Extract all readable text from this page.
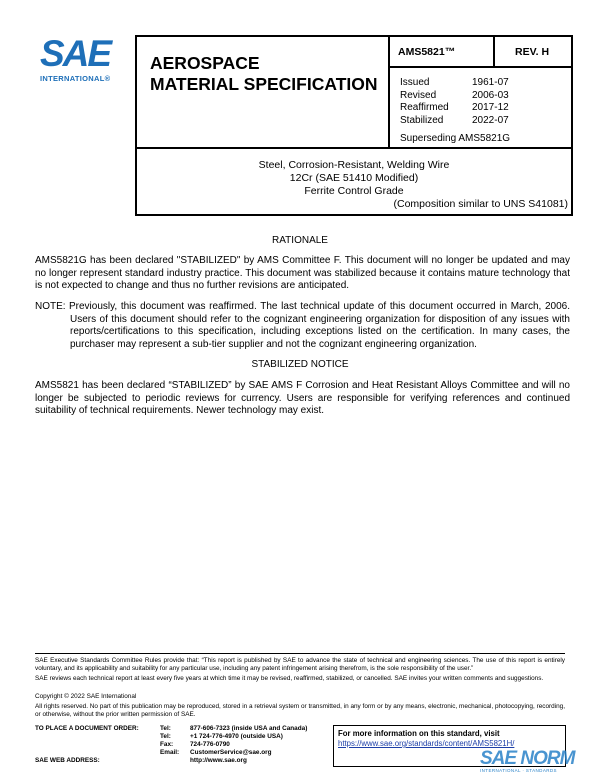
SAE
INTERNATIONAL®
AEROSPACE
MATERIAL SPECIFICATION
AMS5821™	REV. H
Issued	1961-07
Revised	2006-03
Reaffirmed	2017-12
Stabilized	2022-07
Superseding AMS5821G
Steel, Corrosion-Resistant, Welding Wire
12Cr (SAE 51410 Modified)
Ferrite Control Grade
(Composition similar to UNS S41081)
RATIONALE
AMS5821G has been declared "STABILIZED" by AMS Committee F. This document will no longer be updated and may no longer represent standard industry practice. This document was stabilized because it contains mature technology that is not expected to change and thus no further revisions are anticipated.
NOTE: Previously, this document was reaffirmed. The last technical update of this document occurred in March, 2006. Users of this document should refer to the cognizant engineering organization for disposition of any issues with reports/certifications to this specification, including exceptions listed on the certification. In many cases, the purchaser may represent a sub-tier supplier and not the cognizant engineering organization.
STABILIZED NOTICE
AMS5821 has been declared “STABILIZED” by SAE AMS F Corrosion and Heat Resistant Alloys Committee and will no longer be subjected to periodic reviews for currency. Users are responsible for verifying references and continued suitability of technical requirements. Newer technology may exist.
SAE Executive Standards Committee Rules provide that: “This report is published by SAE to advance the state of technical and engineering sciences. The use of this report is entirely voluntary, and its applicability and suitability for any particular use, including any patent infringement arising therefrom, is the sole responsibility of the user.”
SAE reviews each technical report at least every five years at which time it may be revised, reaffirmed, stabilized, or cancelled. SAE invites your written comments and suggestions.
Copyright © 2022 SAE International
All rights reserved. No part of this publication may be reproduced, stored in a retrieval system or transmitted, in any form or by any means, electronic, mechanical, photocopying, recording, or otherwise, without the prior written permission of SAE.
TO PLACE A DOCUMENT ORDER:	Tel:	877-606-7323 (inside USA and Canada)
Tel:	+1 724-776-4970 (outside USA)
Fax:	724-776-0790
Email:	CustomerService@sae.org
SAE WEB ADDRESS:	http://www.sae.org
For more information on this standard, visit
https://www.sae.org/standards/content/AMS5821H/
SAE NORM
INTERNATIONAL · STANDARDS
